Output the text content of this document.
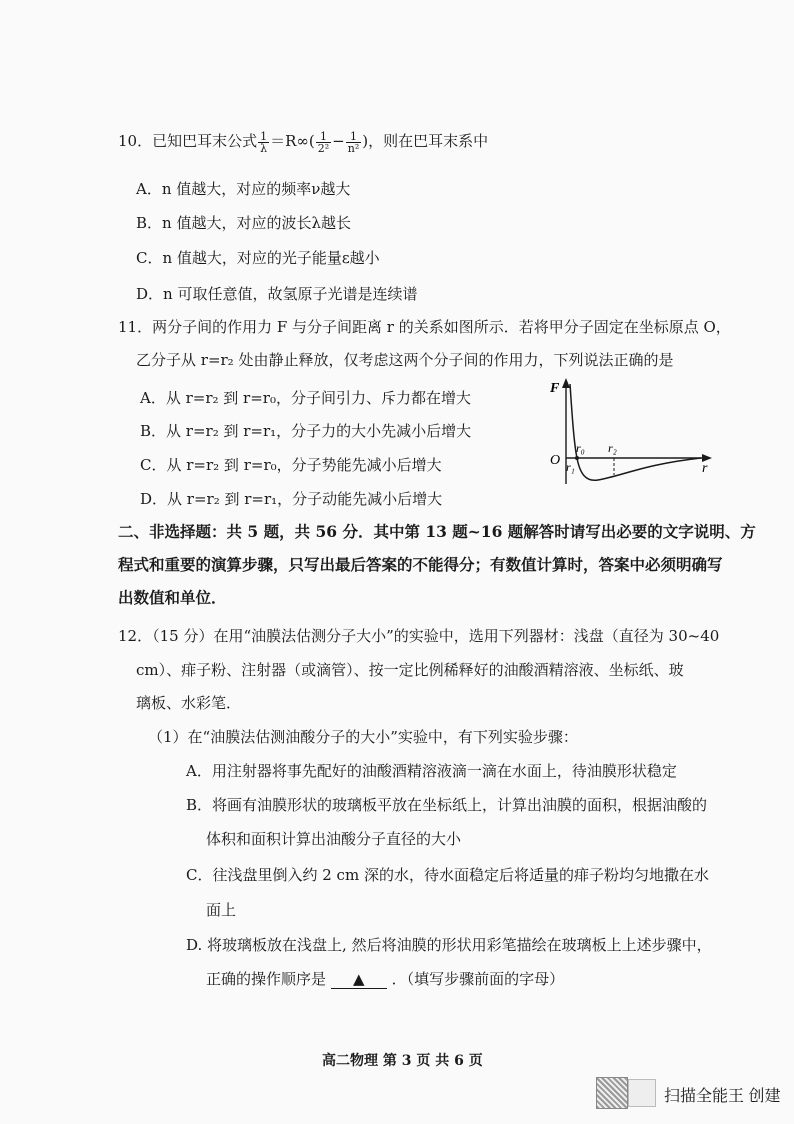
10．已知巴耳末公式 $\frac{1}{\lambda} =R\infty( \frac{1}{\text{2²}} - \frac{1}{\text{n²}}$ )，则在巴耳末系中
A．n 值越大，对应的频率ν越大
B．n 值越大，对应的波长λ越长
C．n 值越大，对应的光子能量ε越小
D．n 可取任意值，故氢原子光谱是连续谱
11．两分子间的作用力 F 与分子间距离 r 的关系如图所示．若将甲分子固定在坐标原点 O，
乙分子从 r=r₂ 处由静止释放，仅考虑这两个分子间的作用力，下列说法正确的是
A．从 r=r₂ 到 r=r₀，分子间引力、斥力都在增大
B．从 r=r₂ 到 r=r₁，分子力的大小先减小后增大
C．从 r=r₂ 到 r=r₀，分子势能先减小后增大
D．从 r=r₂ 到 r=r₁，分子动能先减小后增大
F
r
O
r₀
r₁
r₂
二、非选择题：共 5 题，共 56 分．其中第 13 题~16 题解答时请写出必要的文字说明、方
程式和重要的演算步骤，只写出最后答案的不能得分；有数值计算时，答案中必须明确写
出数值和单位．
12．（15 分）在用“油膜法估测分子大小”的实验中，选用下列器材：浅盘（直径为 30~40
cm）、痱子粉、注射器（或滴管）、按一定比例稀释好的油酸酒精溶液、坐标纸、玻
璃板、水彩笔．
（1）在“油膜法估测油酸分子的大小”实验中，有下列实验步骤：
A．用注射器将事先配好的油酸酒精溶液滴一滴在水面上，待油膜形状稳定
B．将画有油膜形状的玻璃板平放在坐标纸上，计算出油膜的面积，根据油酸的
体积和面积计算出油酸分子直径的大小
C．往浅盘里倒入约 2 cm 深的水，待水面稳定后将适量的痱子粉均匀地撒在水
面上
D. 将玻璃板放在浅盘上, 然后将油膜的形状用彩笔描绘在玻璃板上上述步骤中，
正确的操作顺序是 ▲ ．（填写步骤前面的字母）
高二物理 第 3 页 共 6 页
扫描全能王 创建
